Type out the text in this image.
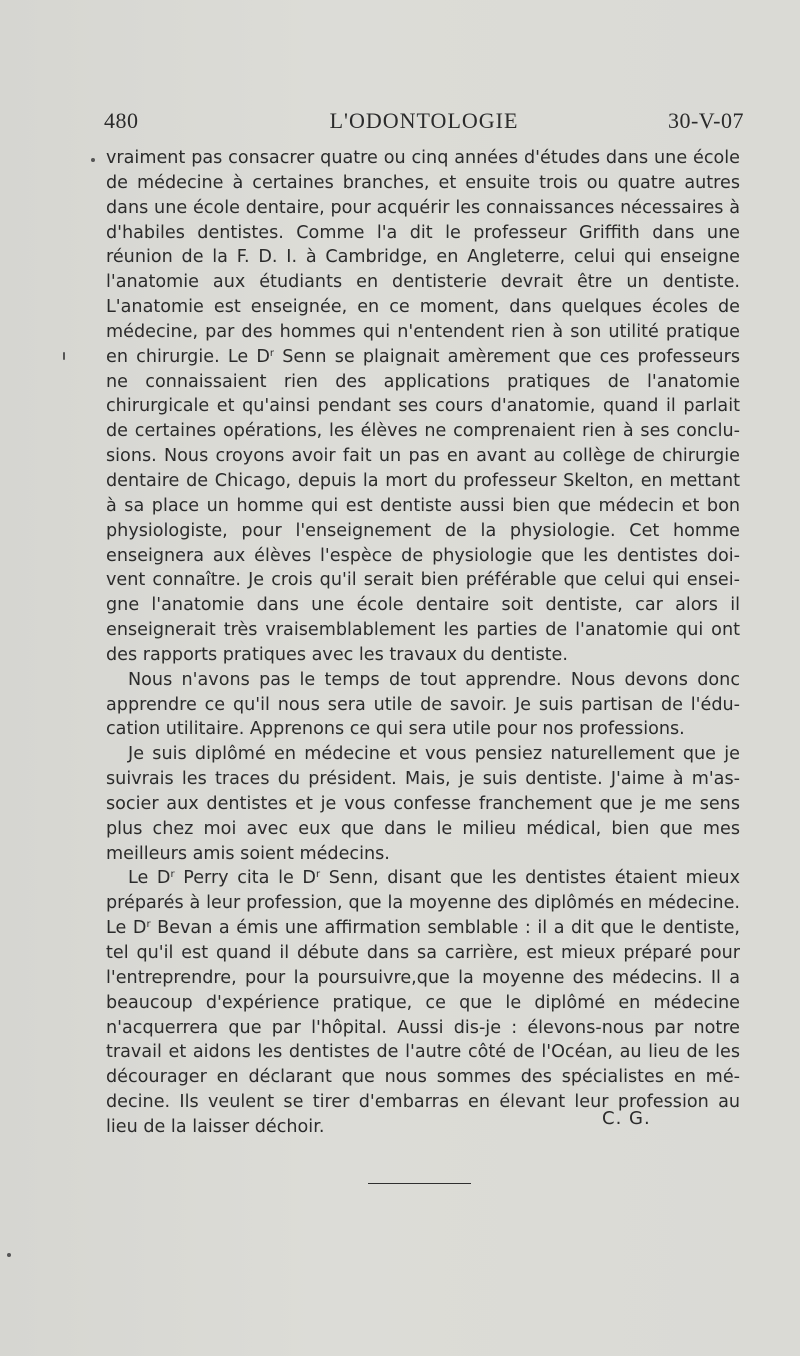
480	L'ODONTOLOGIE	30-V-07

vraiment pas consacrer quatre ou cinq années d'études dans une école de médecine à certaines branches, et ensuite trois ou quatre autres dans une école dentaire, pour acquérir les connaissances nécessaires à d'habiles dentistes. Comme l'a dit le professeur Griffith dans une réunion de la F. D. I. à Cambridge, en Angleterre, celui qui enseigne l'anatomie aux étudiants en dentisterie devrait être un dentiste. L'anatomie est enseignée, en ce moment, dans quelques écoles de médecine, par des hommes qui n'entendent rien à son utilité pratique en chirurgie. Le $D^r$ Senn se plaignait amèrement que ces professeurs ne connaissaient rien des applications pratiques de l'anatomie chirurgicale et qu'ainsi pendant ses cours d'anatomie, quand il parlait de certaines opérations, les élèves ne comprenaient rien à ses conclusions. Nous croyons avoir fait un pas en avant au collège de chirurgie dentaire de Chicago, depuis la mort du professeur Skelton, en mettant à sa place un homme qui est dentiste aussi bien que médecin et bon physiologiste, pour l'enseignement de la physiologie. Cet homme enseignera aux élèves l'espèce de physiologie que les dentistes doivent connaître. Je crois qu'il serait bien préférable que celui qui enseigne l'anatomie dans une école dentaire soit dentiste, car alors il enseignerait très vraisemblablement les parties de l'anatomie qui ont des rapports pratiques avec les travaux du dentiste.

Nous n'avons pas le temps de tout apprendre. Nous devons donc apprendre ce qu'il nous sera utile de savoir. Je suis partisan de l'éducation utilitaire. Apprenons ce qui sera utile pour nos professions.

Je suis diplômé en médecine et vous pensiez naturellement que je suivrais les traces du président. Mais, je suis dentiste. J'aime à m'associer aux dentistes et je vous confesse franchement que je me sens plus chez moi avec eux que dans le milieu médical, bien que mes meilleurs amis soient médecins.

Le $D^r$ Perry cita le $D^r$ Senn, disant que les dentistes étaient mieux préparés à leur profession, que la moyenne des diplômés en médecine. Le $D^r$ Bevan a émis une affirmation semblable : il a dit que le dentiste, tel qu'il est quand il débute dans sa carrière, est mieux préparé pour l'entreprendre, pour la poursuivre,que la moyenne des médecins. Il a beaucoup d'expérience pratique, ce que le diplômé en médecine n'acquerrera que par l'hôpital. Aussi dis-je : élevons-nous par notre travail et aidons les dentistes de l'autre côté de l'Océan, au lieu de les décourager en déclarant que nous sommes des spécialistes en médecine. Ils veulent se tirer d'embarras en élevant leur profession au lieu de la laisser déchoir.	C. G.
